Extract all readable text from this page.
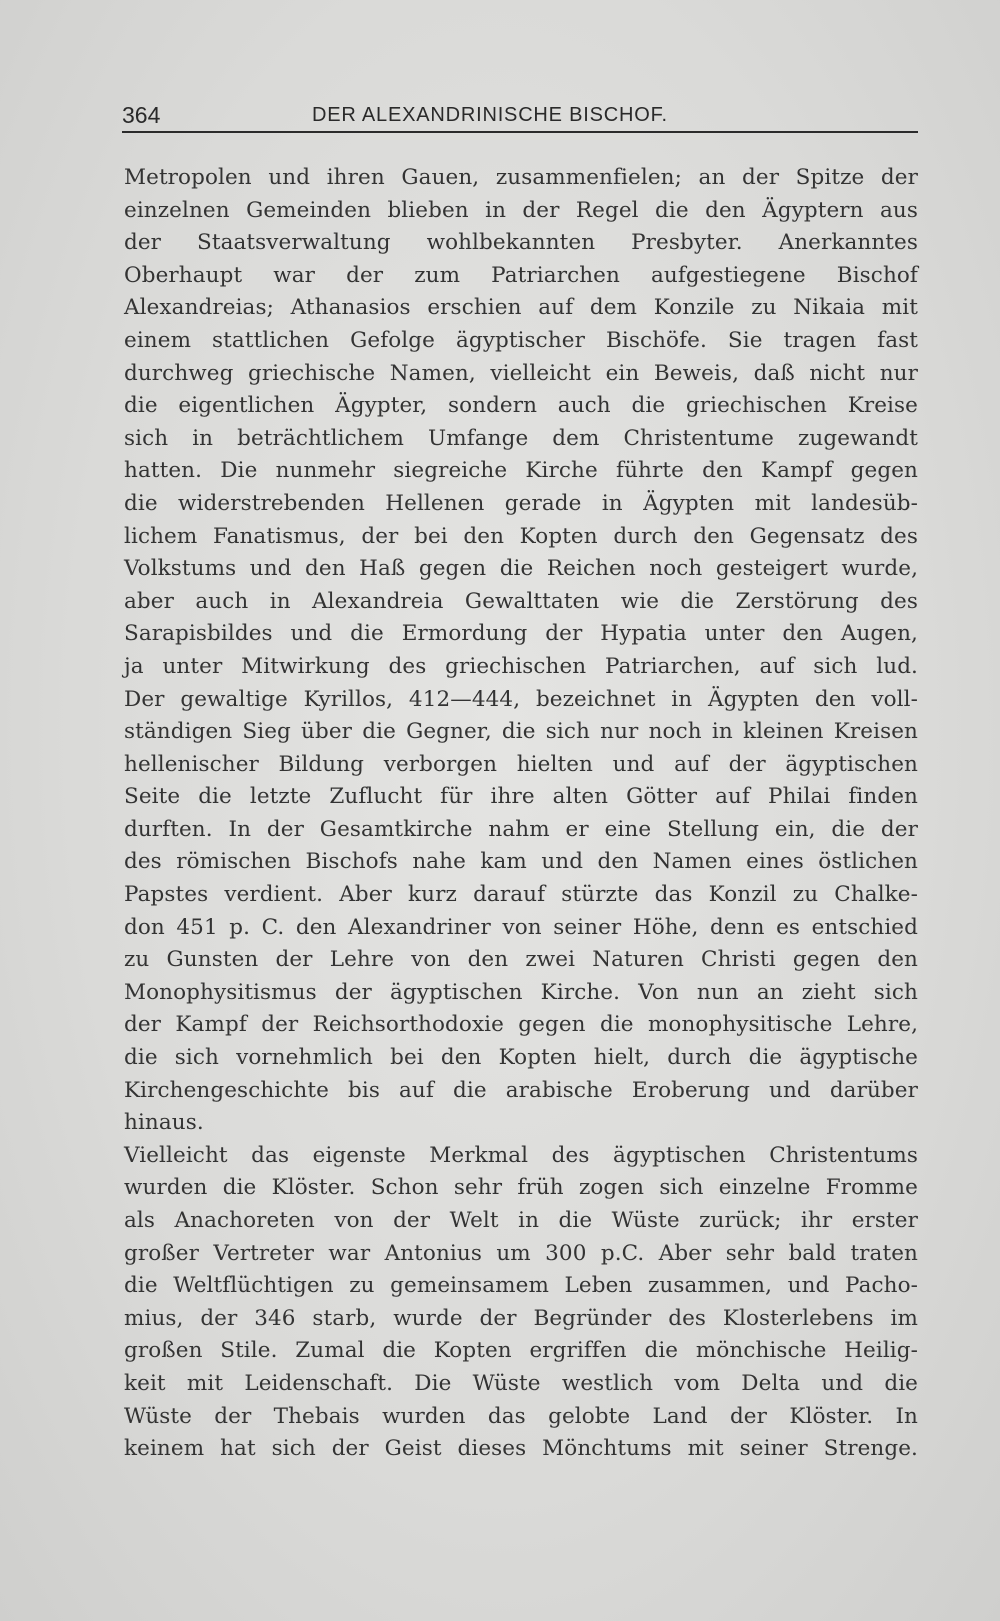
364	DER ALEXANDRINISCHE BISCHOF.
Metropolen und ihren Gauen, zusammenfielen; an der Spitze der
einzelnen Gemeinden blieben in der Regel die den Ägyptern aus
der Staatsverwaltung wohlbekannten Presbyter. Anerkanntes
Oberhaupt war der zum Patriarchen aufgestiegene Bischof
Alexandreias; Athanasios erschien auf dem Konzile zu Nikaia mit
einem stattlichen Gefolge ägyptischer Bischöfe. Sie tragen fast
durchweg griechische Namen, vielleicht ein Beweis, daß nicht nur
die eigentlichen Ägypter, sondern auch die griechischen Kreise
sich in beträchtlichem Umfange dem Christentume zugewandt
hatten. Die nunmehr siegreiche Kirche führte den Kampf gegen
die widerstrebenden Hellenen gerade in Ägypten mit landesüb-
lichem Fanatismus, der bei den Kopten durch den Gegensatz des
Volkstums und den Haß gegen die Reichen noch gesteigert wurde,
aber auch in Alexandreia Gewalttaten wie die Zerstörung des
Sarapisbildes und die Ermordung der Hypatia unter den Augen,
ja unter Mitwirkung des griechischen Patriarchen, auf sich lud.
Der gewaltige Kyrillos, 412—444, bezeichnet in Ägypten den voll-
ständigen Sieg über die Gegner, die sich nur noch in kleinen Kreisen
hellenischer Bildung verborgen hielten und auf der ägyptischen
Seite die letzte Zuflucht für ihre alten Götter auf Philai finden
durften. In der Gesamtkirche nahm er eine Stellung ein, die der
des römischen Bischofs nahe kam und den Namen eines östlichen
Papstes verdient. Aber kurz darauf stürzte das Konzil zu Chalke-
don 451 p. C. den Alexandriner von seiner Höhe, denn es entschied
zu Gunsten der Lehre von den zwei Naturen Christi gegen den
Monophysitismus der ägyptischen Kirche. Von nun an zieht sich
der Kampf der Reichsorthodoxie gegen die monophysitische Lehre,
die sich vornehmlich bei den Kopten hielt, durch die ägyptische
Kirchengeschichte bis auf die arabische Eroberung und darüber
hinaus.
Vielleicht das eigenste Merkmal des ägyptischen Christentums
wurden die Klöster. Schon sehr früh zogen sich einzelne Fromme
als Anachoreten von der Welt in die Wüste zurück; ihr erster
großer Vertreter war Antonius um 300 p.C. Aber sehr bald traten
die Weltflüchtigen zu gemeinsamem Leben zusammen, und Pacho-
mius, der 346 starb, wurde der Begründer des Klosterlebens im
großen Stile. Zumal die Kopten ergriffen die mönchische Heilig-
keit mit Leidenschaft. Die Wüste westlich vom Delta und die
Wüste der Thebais wurden das gelobte Land der Klöster. In
keinem hat sich der Geist dieses Mönchtums mit seiner Strenge.
